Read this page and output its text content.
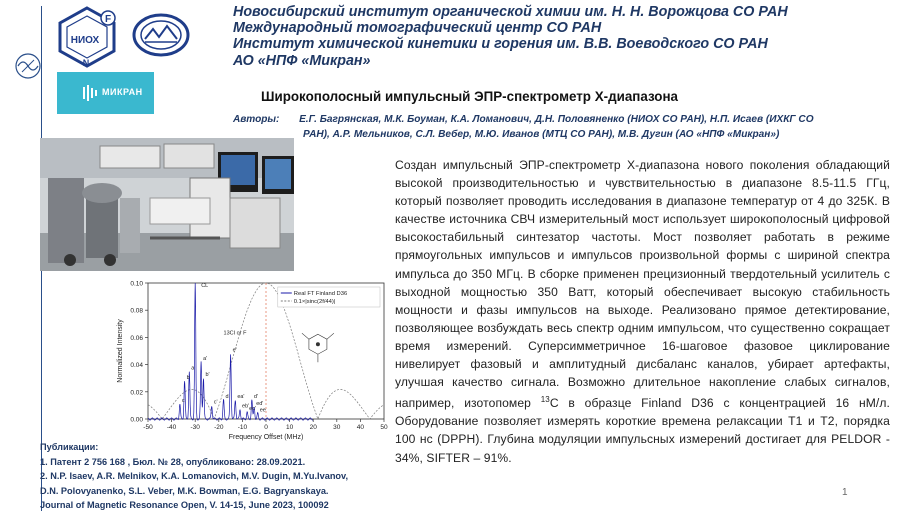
F
НИОХ
N
МИКРАН
Новосибирский институт органической химии им. Н. Н. Ворожцова СО РАН
Международный томографический центр СО РАН
Институт химической кинетики и горения им. В.В. Воеводского СО РАН
АО «НПФ «Микран»
Широкополосный импульсный ЭПР-спектрометр Х-диапазона
Авторы: Е.Г. Багрянская, М.К. Боуман, К.А. Ломанович, Д.Н. Половяненко (НИОХ СО РАН), Н.П. Исаев (ИХКГ СО
РАН), А.Р. Мельников, С.Л. Вебер, М.Ю. Иванов (МТЦ СО РАН), М.В. Дугин (АО «НПФ «Микран»)
0.00
0.02
0.04
0.06
0.08
0.10
-50 -40 -30 -20 -10	0	10	20	30	40	50
Frequency Offset (MHz)
Normalized Intensity
c
b
a
CL
a'
b'
c'
d
e'
ea'
eb' ec'
d'
ed'
ee
13CI or F
Real FT Finland D36
0.1×|sinc(2f/44)|
Создан импульсный ЭПР-спектрометр Х-диапазона нового поколения обладающий высокой производительностью и чувствительностью в диапазоне 8.5-11.5 ГГц, который позволяет проводить исследования в диапазоне температур от 4 до 325К. В качестве источника СВЧ измерительный мост использует широкополосный цифровой высокостабильный синтезатор частоты. Мост позволяет работать в режиме прямоугольных импульсов и импульсов произвольной формы с шириной спектра импульса до 350 МГц. В сборке применен прецизионный твердотельный усилитель с выходной мощностью 350 Ватт, который обеспечивает высокую стабильность мощности и фазы импульсов на выходе. Реализовано прямое детектирование, позволяющее возбуждать весь спектр одним импульсом, что существенно сокращает время измерений. Суперсимметричное 16-шаговое фазовое циклирование нивелирует фазовый и амплитудный дисбаланс каналов, убирает артефакты, улучшая качество сигнала. Возможно длительное накопление слабых сигналов, например, изотопомер $^{13}$С в образце Finland D36 с концентрацией 16 нМ/л. Оборудование позволяет измерять короткие времена релаксации Т1 и Т2, порядка 100 нс (DPPH). Глубина модуляции импульсных измерений достигает для PELDOR - 34%, SIFTER – 91%.
Публикации:
1. Патент 2 756 168 , Бюл. № 28, опубликовано: 28.09.2021.
2. N.P. Isaev, A.R. Melnikov, K.A. Lomanovich, M.V. Dugin, M.Yu.Ivanov,
D.N. Polovyanenko, S.L. Veber, M.K. Bowman, E.G. Bagryanskaya.
Journal of Magnetic Resonance Open, V. 14-15, June 2023, 100092
1
